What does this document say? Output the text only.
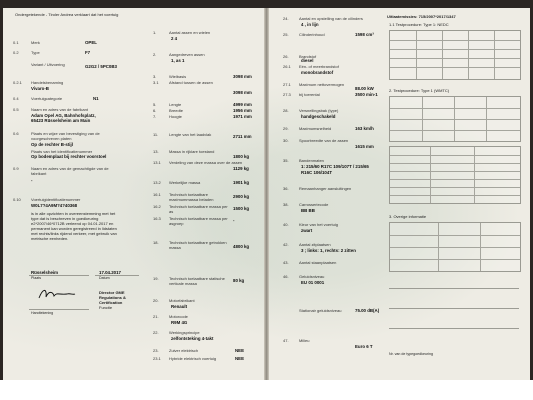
Ondergetekende - Tiroler Andrea verklaart dat het voertuig
0.1	Merk	OPEL
0.2	Type	F7
Variant / Uitvoering	G2G2 / 5PC0B3
0.2.1	Handelsbenaming
Vivaro-B
0.4	Voertuigcategorie	N1
0.5	Naam en adres van de fabrikant
Adam Opel AG, Bahnhofsplatz, 65423 Rüsselsheim am Main
0.6	Plaats en wijze van bevestiging van de voorgeschreven platen
Op de rechter B-stijl
Plaats van het identificatienummer
Op bodemplaat bij rechter voorstoel
0.9	Naam en adres van de gemachtigde van de fabrikant
-
0.10	Voertuigidentificatienummer
W0L7?4A9M?4?40368
is in alle opzichten in overeenstemming met het type dat is beschreven in goedkeuring e2*2007/46*0712B verleend op 04.01.2017 en permanent kan worden geregistreerd in lidstaten met rechts/links rijdend verkeer, met gebruik van metrische eenheden.
Rüsselsheim
Plaats
17.04.2017
Datum
Director GME
Regulations &
Certification
Functie
Handtekening
1.	Aantal assen en wielen
2 4
2.	Aangedreven assen
1, as 1
3.	Wielbasis	3098 mm
3.1	Afstand tussen de assen
3098 mm
5.	Lengte	4999 mm
6.	Breedte	1956 mm
7.	Hoogte	1971 mm
11.	Lengte van het laadvlak	2711 mm
13.	Massa in rijklare toestand
1800 kg
13.1	Verdeling van deze massa over de assen
1129 kg
13.2	Werkelijke massa	1901 kg
16.1	Technisch toelaatbare maximummassa beladen
2900 kg
16.2	Technisch toelaatbare massa per as
1500 kg
16.3	Technisch toelaatbare massa per asgroep
-
18.	Technisch toelaatbare getrokken massa	4800 kg
19.	Technisch toelaatbare statische verticale massa
80 kg
20.	Motorfabrikant
Renault
21.	Motorcode
R9M 4G
22.	Werkingsprincipe
zelfontsteking 4-takt
23.	Zuiver elektrisch	NEE
23.1	Hybride elektrisch voertuig	NEE
24.	Aantal en opstelling van de cilinders
4 , in lijn
25.	Cilinderinhoud	1598 cm³
26.	Brandstof
diesel
26.1	Eén- of meerbrandstof
monobrandstof
27.1	Maximum nettovermogen
88.00 kW
27.3	bij toerental	3500 min-1
28.	Versnellingsbak (type)
handgeschakeld
29.	Maximumsnelheid	163 km/h
30.	Spoorbreedte van de assen
1615 mm
35.	Bandenmaten
1: 215/60 R17C 109/107T / 215/65 R16C 106/104T
36.	Remaanhanger aansluitingen
38.	Carrosseriecode
BB BB
40.	Kleur van het voertuig
zwart
42.	Aantal zitplaatsen
3 ; links: 1, rechts: 2 zitten
43.	Aantal staanplaatsen
46.	Geluidsniveau
EU 01 0001
Stationair geluidsniveau	75.00 dB(A)
47.	Milieu
Euro 6 T
Uitlaatemissies: 715/2007*2017/1347
1.1 Testprocedure: Type 1: NEDC
2. Testprocedure: Type 1 (WMTC)
3. Overige informatie
Nr. van de typegoedkeuring
